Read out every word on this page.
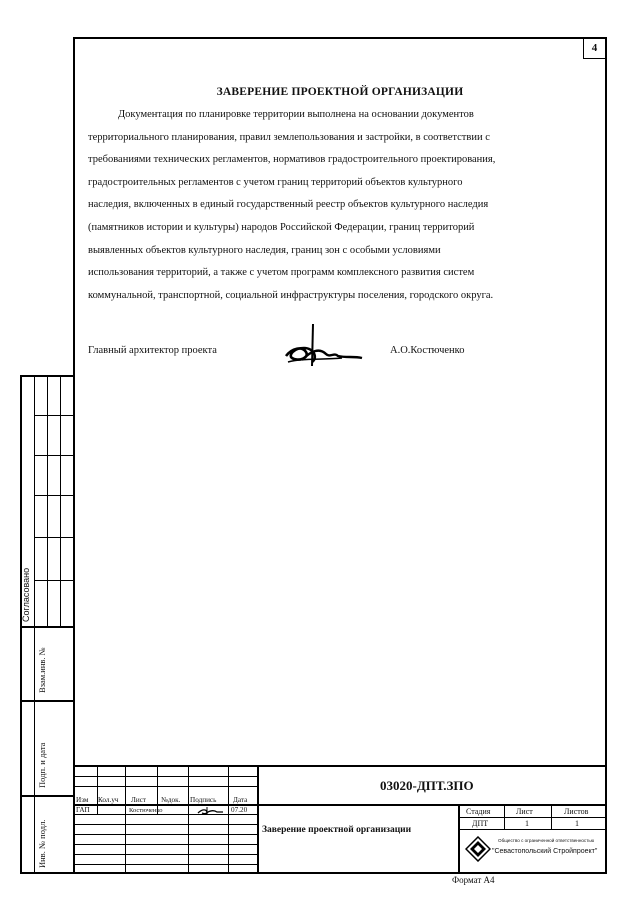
4
ЗАВЕРЕНИЕ ПРОЕКТНОЙ ОРГАНИЗАЦИИ
Документация по планировке территории выполнена на основании документов
территориального планирования, правил землепользования и застройки, в соответствии с
требованиями технических регламентов, нормативов градостроительного проектирования,
градостроительных регламентов с учетом границ территорий объектов культурного
наследия, включенных в единый государственный реестр объектов культурного наследия
(памятников истории и культуры) народов Российской Федерации, границ территорий
выявленных объектов культурного наследия, границ зон с особыми условиями
использования территорий, а также с учетом программ комплексного развития систем
коммунальной, транспортной, социальной инфраструктуры поселения, городского округа.
Главный архитектор проекта	А.О.Костюченко
Согласовано
Взам.инв. №
Подп. и дата
Инв. № подл.
03020-ДПТ.ЗПО
Изм Кол.уч Лист №док. Подпись Дата
ГАП	Костюченко	07.20
Заверение проектной организации
Стадия	Лист	Листов
ДПТ	1	1
Общество с ограниченной ответственностью
"Севастопольский Стройпроект"
Формат А4
